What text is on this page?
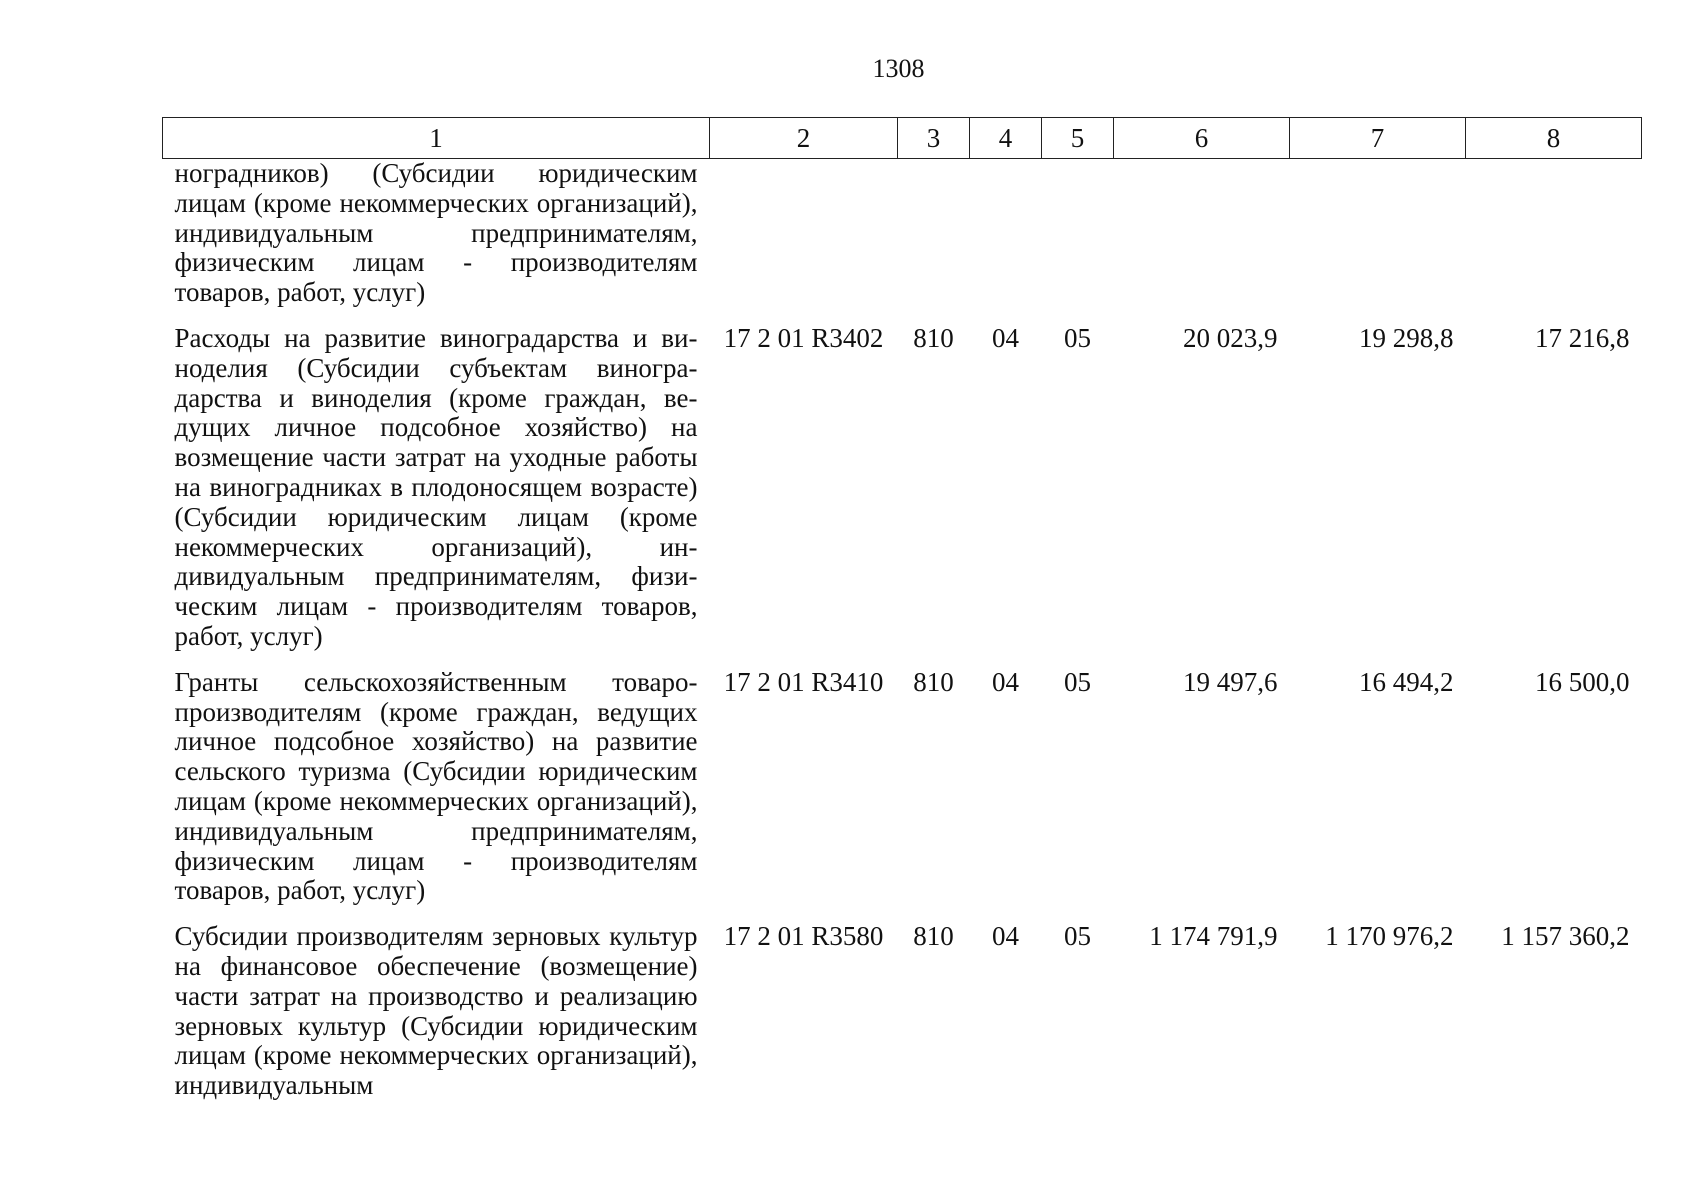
1308
1	2	3	4	5	6	7	8
ноградников) (Субсидии юридическим лицам (кроме некоммерческих организаций), индивидуальным предпринимателям, физическим лицам - производителям товаров, работ, услуг)							
Расходы на развитие виноградарства и виноделия (Субсидии субъектам виноградарства и виноделия (кроме граждан, ведущих личное подсобное хозяйство) на возмещение части затрат на уходные работы на виноградниках в плодоносящем возрасте) (Субсидии юридическим лицам (кроме некоммерческих организаций), индивидуальным предпринимателям, физическим лицам - производителям товаров, работ, услуг)	17 2 01 R3402	810	04	05	20 023,9	19 298,8	17 216,8
Гранты сельскохозяйственным товаропроизводителям (кроме граждан, ведущих личное подсобное хозяйство) на развитие сельского туризма (Субсидии юридическим лицам (кроме некоммерческих организаций), индивидуальным предпринимателям, физическим лицам - производителям товаров, работ, услуг)	17 2 01 R3410	810	04	05	19 497,6	16 494,2	16 500,0
Субсидии производителям зерновых культур на финансовое обеспечение (возмещение) части затрат на производство и реализацию зерновых культур (Субсидии юридическим лицам (кроме некоммерческих организаций), индивидуальным	17 2 01 R3580	810	04	05	1 174 791,9	1 170 976,2	1 157 360,2
